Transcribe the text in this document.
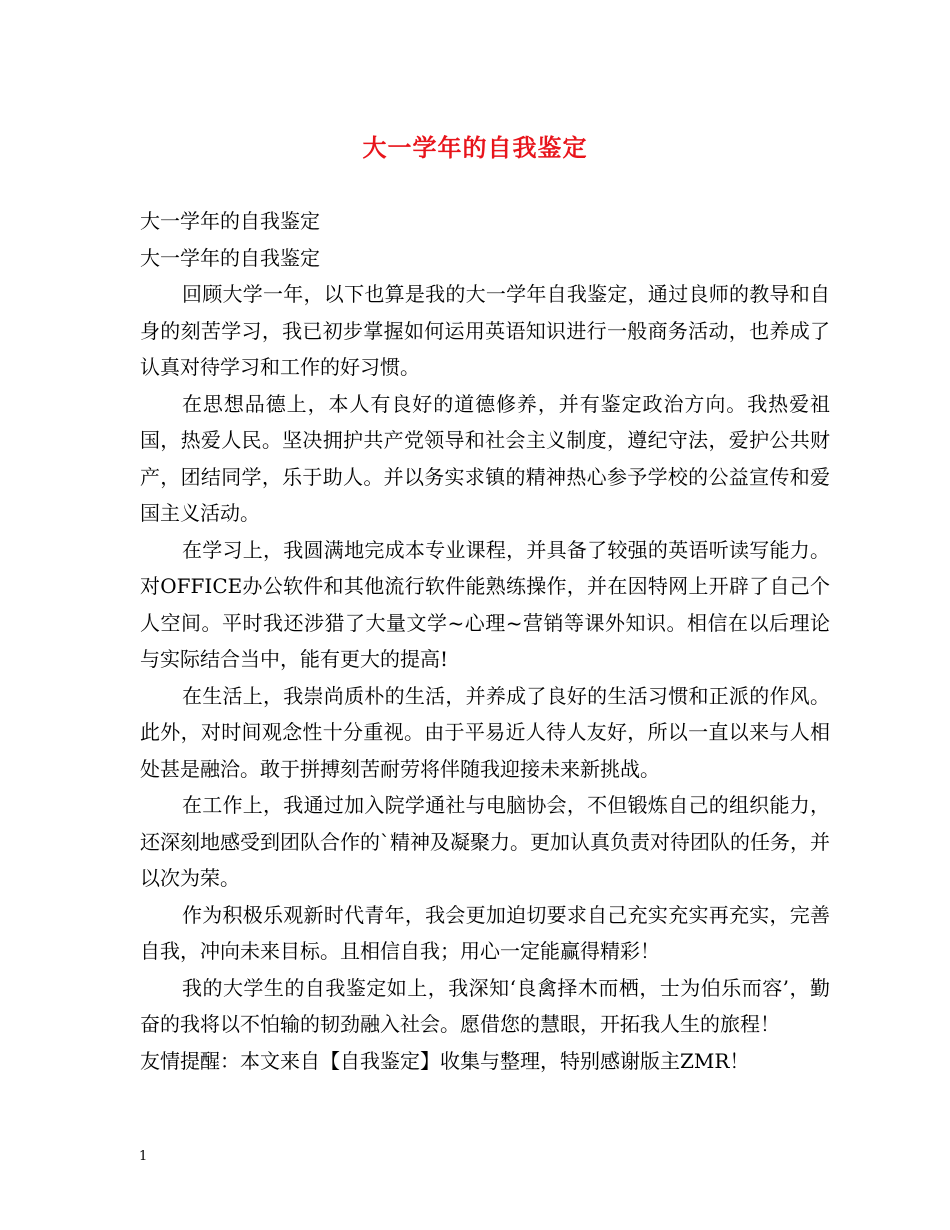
大一学年的自我鉴定
大一学年的自我鉴定
大一学年的自我鉴定
回顾大学一年，以下也算是我的大一学年自我鉴定，通过良师的教导和自身的刻苦学习，我已初步掌握如何运用英语知识进行一般商务活动，也养成了认真对待学习和工作的好习惯。
在思想品德上，本人有良好的道德修养，并有鉴定政治方向。我热爱祖国，热爱人民。坚决拥护共产党领导和社会主义制度，遵纪守法，爱护公共财产，团结同学，乐于助人。并以务实求镇的精神热心参予学校的公益宣传和爱国主义活动。
在学习上，我圆满地完成本专业课程，并具备了较强的英语听读写能力。对OFFICE办公软件和其他流行软件能熟练操作，并在因特网上开辟了自己个人空间。平时我还涉猎了大量文学~心理~营销等课外知识。相信在以后理论与实际结合当中，能有更大的提高!
在生活上，我崇尚质朴的生活，并养成了良好的生活习惯和正派的作风。此外，对时间观念性十分重视。由于平易近人待人友好，所以一直以来与人相处甚是融洽。敢于拼搏刻苦耐劳将伴随我迎接未来新挑战。
在工作上，我通过加入院学通社与电脑协会，不但锻炼自己的组织能力，还深刻地感受到团队合作的`精神及凝聚力。更加认真负责对待团队的任务，并以次为荣。
作为积极乐观新时代青年，我会更加迫切要求自己充实充实再充实，完善自我，冲向未来目标。且相信自我；用心一定能赢得精彩！
我的大学生的自我鉴定如上，我深知‘良禽择木而栖，士为伯乐而容’，勤奋的我将以不怕输的韧劲融入社会。愿借您的慧眼，开拓我人生的旅程！
友情提醒：本文来自【自我鉴定】收集与整理，特别感谢版主ZMR！
1
